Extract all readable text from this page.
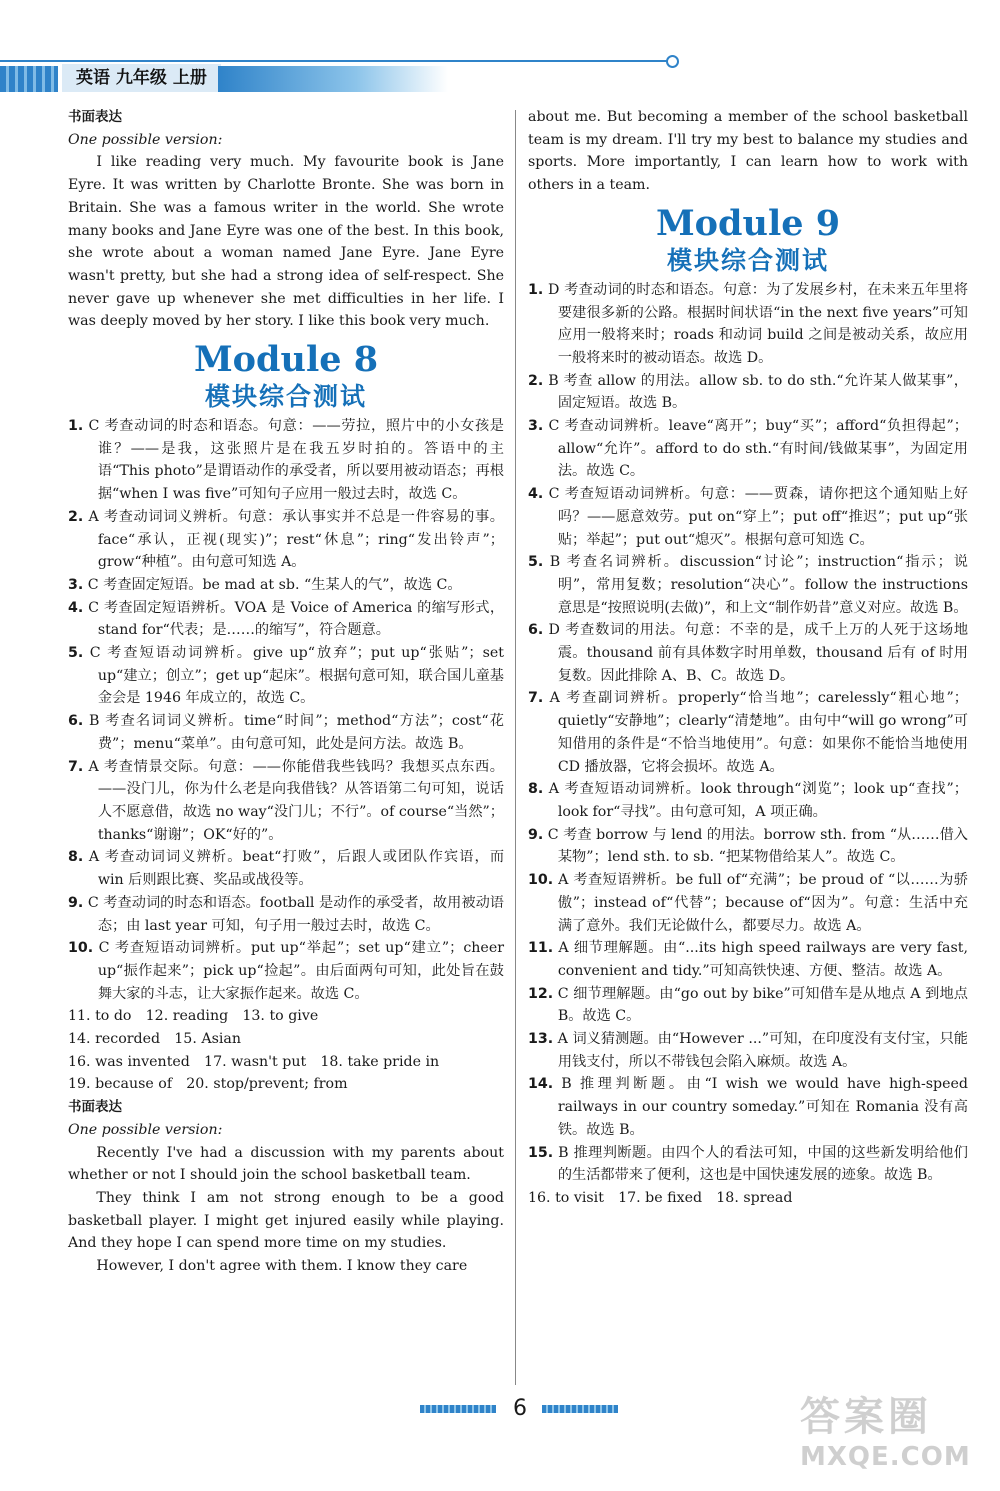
英语 九年级 上册
书面表达
One possible version:
I like reading very much. My favourite book is Jane Eyre. It was written by Charlotte Bronte. She was born in Britain. She was a famous writer in the world. She wrote many books and Jane Eyre was one of the best. In this book, she wrote about a woman named Jane Eyre. Jane Eyre wasn't pretty, but she had a strong idea of self-respect. She never gave up whenever she met difficulties in her life. I was deeply moved by her story. I like this book very much.
Module 8
模块综合测试
1. C 考查动词的时态和语态。句意：——劳拉，照片中的小女孩是谁？——是我，这张照片是在我五岁时拍的。答语中的主语“This photo”是谓语动作的承受者，所以要用被动语态；再根据“when I was five”可知句子应用一般过去时，故选 C。
2. A 考查动词词义辨析。句意：承认事实并不总是一件容易的事。face“承认，正视(现实)”；rest“休息”；ring“发出铃声”；grow“种植”。由句意可知选 A。
3. C 考查固定短语。be mad at sb. “生某人的气”，故选 C。
4. C 考查固定短语辨析。VOA 是 Voice of America 的缩写形式，stand for“代表；是……的缩写”，符合题意。
5. C 考查短语动词辨析。give up“放弃”；put up“张贴”；set up“建立；创立”；get up“起床”。根据句意可知，联合国儿童基金会是 1946 年成立的，故选 C。
6. B 考查名词词义辨析。time“时间”；method“方法”；cost“花费”；menu“菜单”。由句意可知，此处是问方法。故选 B。
7. A 考查情景交际。句意：——你能借我些钱吗？我想买点东西。——没门儿，你为什么老是向我借钱？从答语第二句可知，说话人不愿意借，故选 no way“没门儿；不行”。of course“当然”；thanks“谢谢”；OK“好的”。
8. A 考查动词词义辨析。beat“打败”，后跟人或团队作宾语，而 win 后则跟比赛、奖品或战役等。
9. C 考查动词的时态和语态。football 是动作的承受者，故用被动语态；由 last year 可知，句子用一般过去时，故选 C。
10. C 考查短语动词辨析。put up“举起”；set up“建立”；cheer up“振作起来”；pick up“捡起”。由后面两句可知，此处旨在鼓舞大家的斗志，让大家振作起来。故选 C。
11. to do　12. reading　13. to give
14. recorded　15. Asian
16. was invented　17. wasn't put　18. take pride in
19. because of　20. stop/prevent; from
书面表达
One possible version:
Recently I've had a discussion with my parents about whether or not I should join the school basketball team.
They think I am not strong enough to be a good basketball player. I might get injured easily while playing. And they hope I can spend more time on my studies.
However, I don't agree with them. I know they care
about me. But becoming a member of the school basketball team is my dream. I'll try my best to balance my studies and sports. More importantly, I can learn how to work with others in a team.
Module 9
模块综合测试
1. D 考查动词的时态和语态。句意：为了发展乡村，在未来五年里将要建很多新的公路。根据时间状语“in the next five years”可知应用一般将来时；roads 和动词 build 之间是被动关系，故应用一般将来时的被动语态。故选 D。
2. B 考查 allow 的用法。allow sb. to do sth.“允许某人做某事”，固定短语。故选 B。
3. C 考查动词辨析。leave“离开”；buy“买”；afford“负担得起”；allow“允许”。afford to do sth.“有时间/钱做某事”，为固定用法。故选 C。
4. C 考查短语动词辨析。句意：——贾森，请你把这个通知贴上好吗？——愿意效劳。put on“穿上”；put off“推迟”；put up“张贴；举起”；put out“熄灭”。根据句意可知选 C。
5. B 考查名词辨析。discussion“讨论”；instruction“指示；说明”，常用复数；resolution“决心”。follow the instructions 意思是“按照说明(去做)”，和上文“制作奶昔”意义对应。故选 B。
6. D 考查数词的用法。句意：不幸的是，成千上万的人死于这场地震。thousand 前有具体数字时用单数，thousand 后有 of 时用复数。因此排除 A、B、C。故选 D。
7. A 考查副词辨析。properly“恰当地”；carelessly“粗心地”；quietly“安静地”；clearly“清楚地”。由句中“will go wrong”可知借用的条件是“不恰当地使用”。句意：如果你不能恰当地使用 CD 播放器，它将会损坏。故选 A。
8. A 考查短语动词辨析。look through“浏览”；look up“查找”；look for“寻找”。由句意可知，A 项正确。
9. C 考查 borrow 与 lend 的用法。borrow sth. from “从……借入某物”；lend sth. to sb. “把某物借给某人”。故选 C。
10. A 考查短语辨析。be full of“充满”；be proud of “以……为骄傲”；instead of“代替”；because of“因为”。句意：生活中充满了意外。我们无论做什么，都要尽力。故选 A。
11. A 细节理解题。由“...its high speed railways are very fast, convenient and tidy.”可知高铁快速、方便、整洁。故选 A。
12. C 细节理解题。由“go out by bike”可知借车是从地点 A 到地点 B。故选 C。
13. A 词义猜测题。由“However ...”可知，在印度没有支付宝，只能用钱支付，所以不带钱包会陷入麻烦。故选 A。
14. B 推理判断题。由“I wish we would have high-speed railways in our country someday.”可知在 Romania 没有高铁。故选 B。
15. B 推理判断题。由四个人的看法可知，中国的这些新发明给他们的生活都带来了便利，这也是中国快速发展的迹象。故选 B。
16. to visit　17. be fixed　18. spread
6	答案圈
MXQE.COM
